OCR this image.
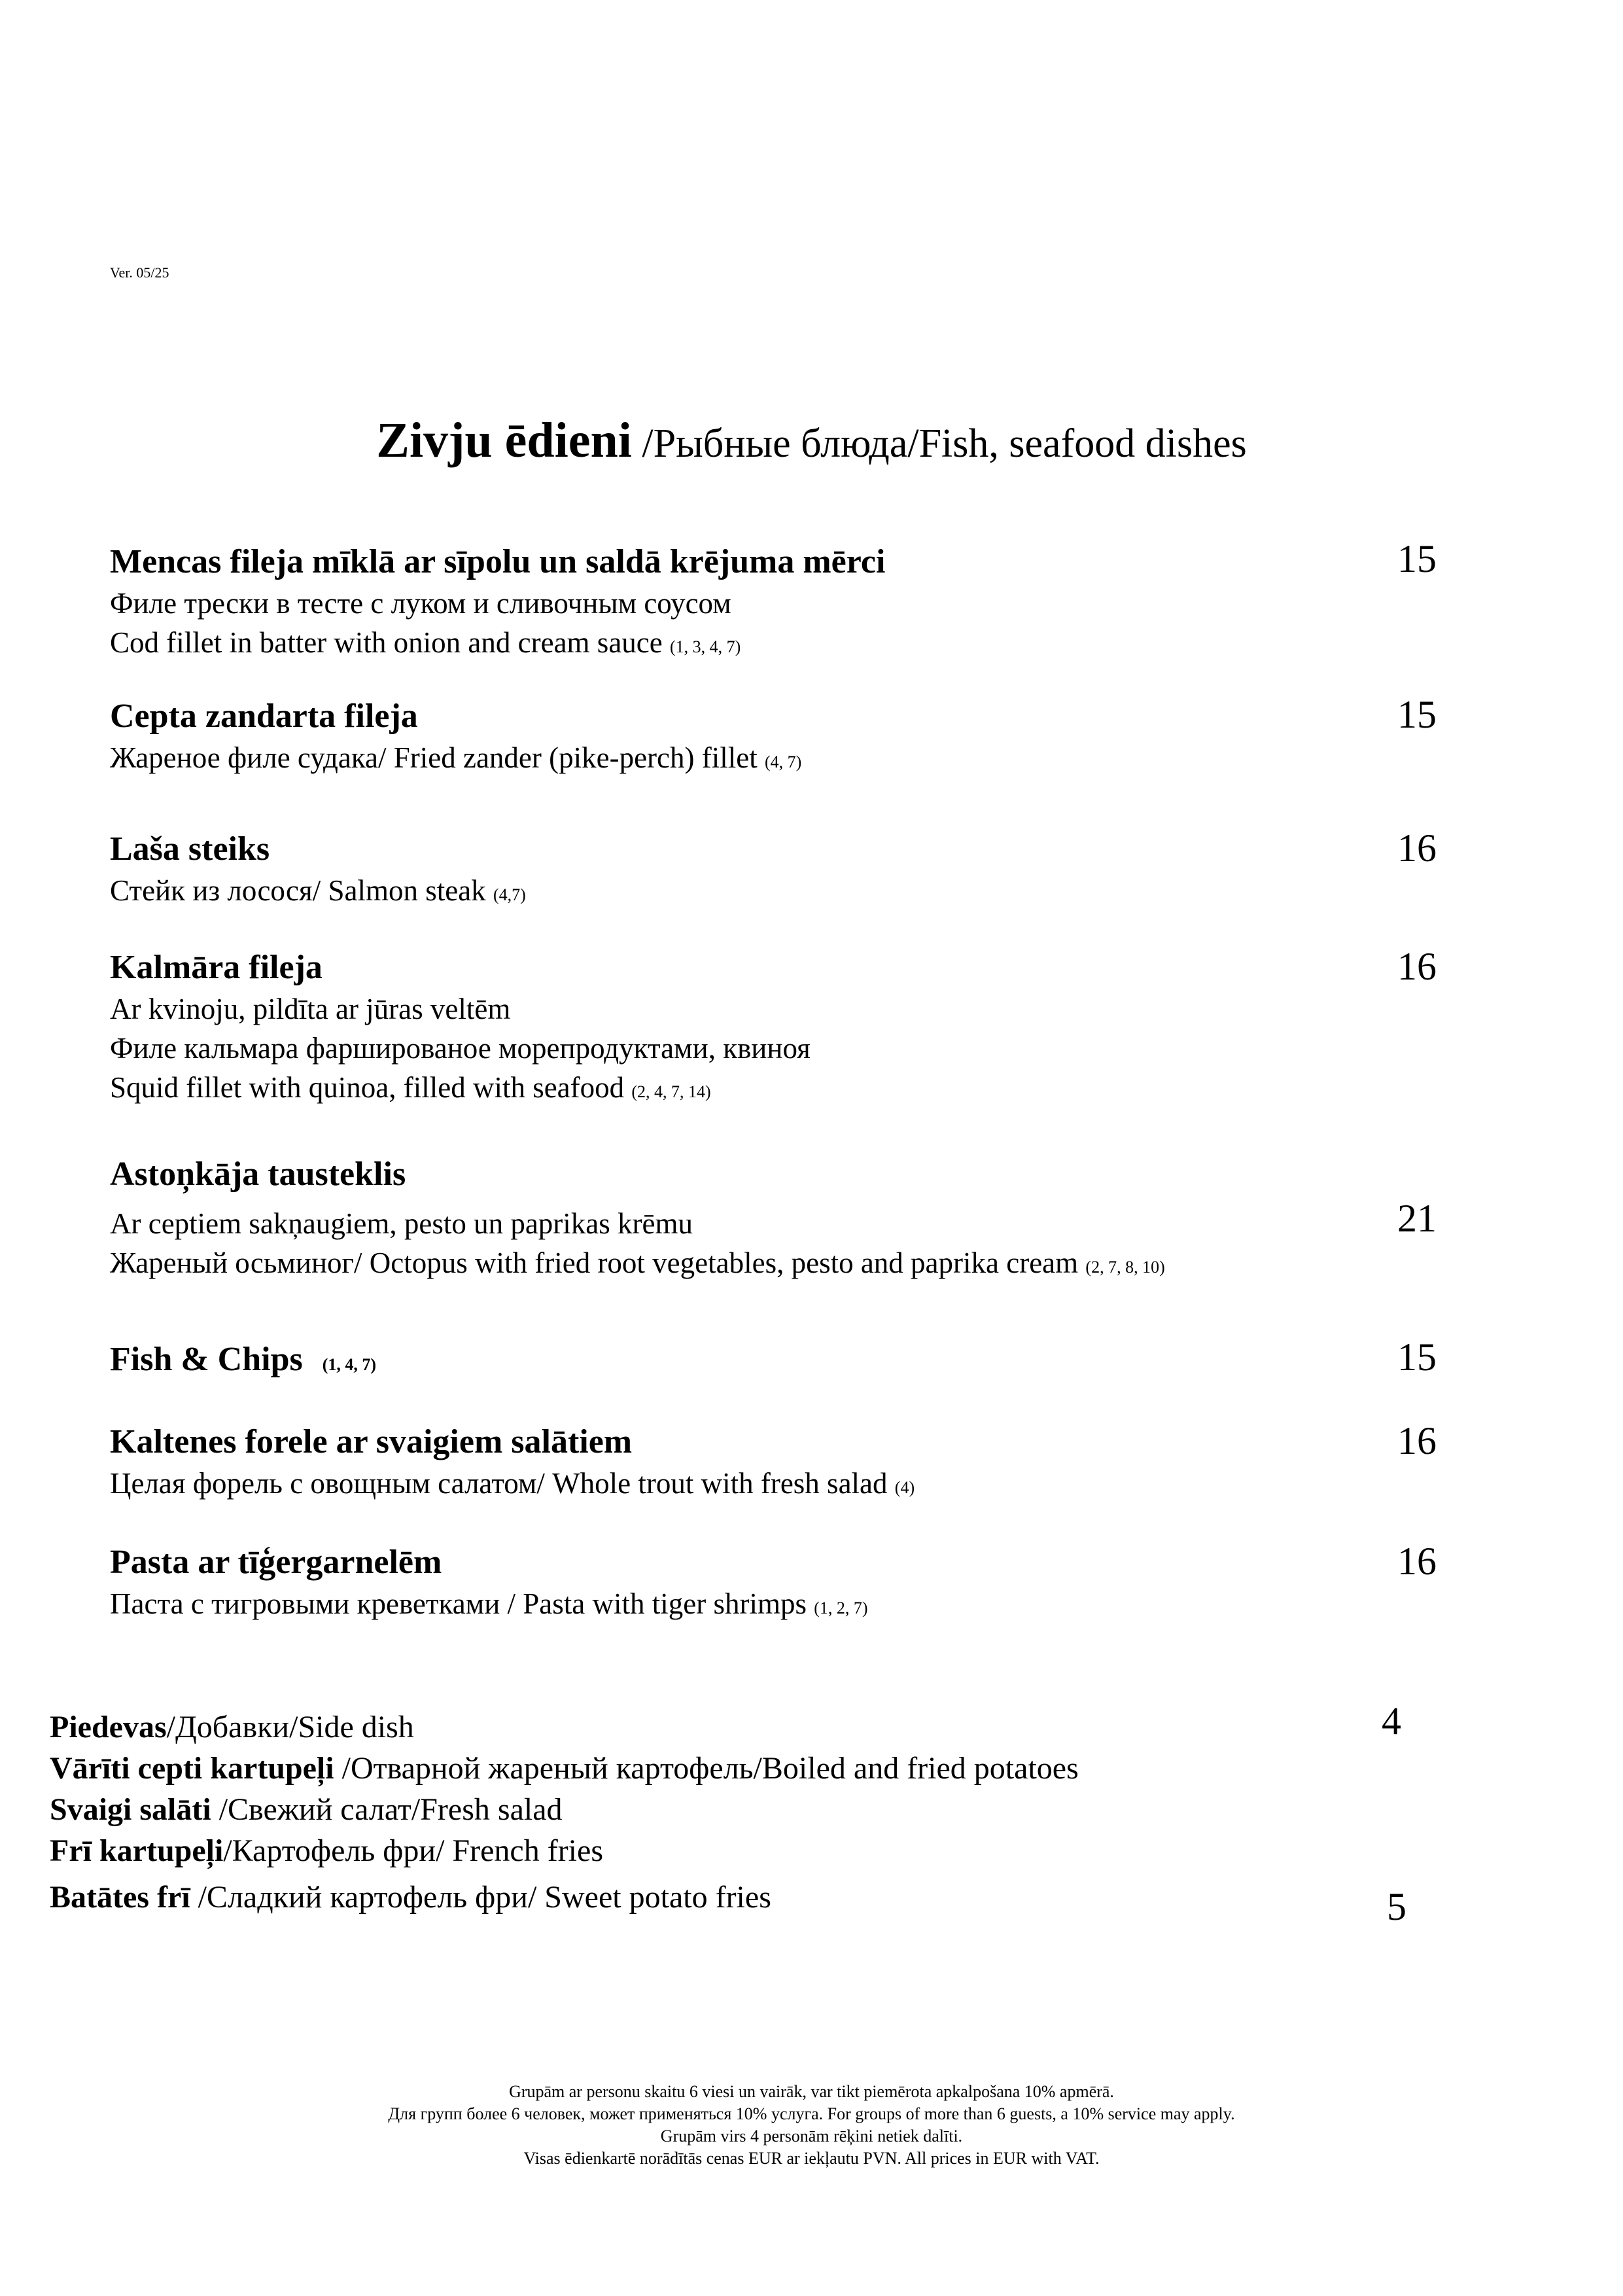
Ver. 05/25
Zivju ēdieni /Рыбные блюда/Fish, seafood dishes
Mencas fileja mīklā ar sīpolu un saldā krējuma mērci
Филе трески в тесте с луком и сливочным соусом
Cod fillet in batter with onion and cream sauce (1, 3, 4, 7)
15
Cepta zandarta fileja
Жареное филе судака/ Fried zander (pike-perch) fillet (4, 7)
15
Laša steiks
Стейк из лосося/ Salmon steak (4,7)
16
Kalmāra fileja
Ar kvinoju, pildīta ar jūras veltēm
Филе кальмара фаршированое морепродуктами, квиноя
Squid fillet with quinoa, filled with seafood (2, 4, 7, 14)
16
Astoņkāja tausteklis
Ar ceptiem sakņaugiem, pesto un paprikas krēmu
Жареный осьминог/ Octopus with fried root vegetables, pesto and paprika cream (2, 7, 8, 10)
21
Fish & Chips (1, 4, 7)	15
Kaltenes forele ar svaigiem salātiem
Целая форель с овощным салатом/ Whole trout with fresh salad (4)
16
Pasta ar tīģergarnelēm
Паста с тигровыми креветками / Pasta with tiger shrimps (1, 2, 7)
16
Piedevas/Добавки/Side dish
Vārīti cepti kartupeļi /Отварной жареный картофель/Boiled and fried potatoes
Svaigi salāti /Свежий салат/Fresh salad
Frī kartupeļi/Картофель фри/ French fries
Batātes frī /Сладкий картофель фри/ Sweet potato fries
4
5
Grupām ar personu skaitu 6 viesi un vairāk, var tikt piemērota apkalpošana 10% apmērā.
Для групп более 6 человек, может применяться 10% услуга. For groups of more than 6 guests, a 10% service may apply.
Grupām virs 4 personām rēķini netiek dalīti.
Visas ēdienkartē norādītās cenas EUR ar iekļautu PVN. All prices in EUR with VAT.
